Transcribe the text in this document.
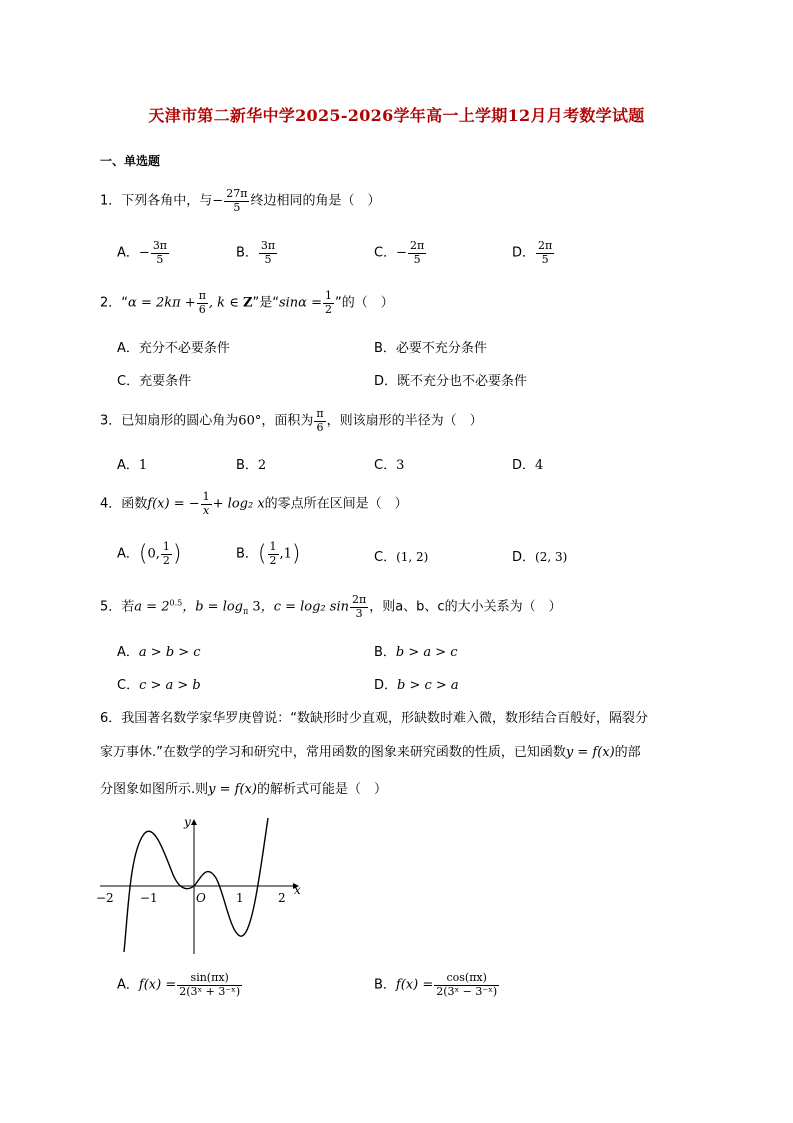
天津市第二新华中学2025-2026学年高一上学期12月月考数学试题
一、单选题
1．下列各角中，与− $\frac{27\pi}{5}$ 终边相同的角是（　）
A．− $\frac{3\pi}{5}$	B． $\frac{3\pi}{5}$	C．− $\frac{2\pi}{5}$	D． $\frac{2\pi}{5}$
2．“$\alpha = 2k\pi + \frac{\pi}{6}$ , k ∈ Z”是“$\sin\alpha = \frac{1}{2}$ ”的（　）
A．充分不必要条件	B．必要不充分条件
C．充要条件	D．既不充分也不必要条件
3．已知扇形的圆心角为60°，面积为 $\frac{\pi}{6}$ ，则该扇形的半径为（　）
A．1	B．2	C．3	D．4
4．函数f(x) = − $\frac{1}{x} + \log_2$ x的零点所在区间是（　）
A．(0, $\frac{1}{2}$ )	B．( $\frac{1}{2} ,1$)	C．(1, 2)	D．(2, 3)
5．若$a = 2^{0.5}$，$b = \log_\pi 3$，c = log₂ $\sin \frac{2\pi}{3}$ ，则a、b、c的大小关系为（　）
A．a > b > c	B．b > a > c
C．c > a > b	D．b > c > a
6．我国著名数学家华罗庚曾说：“数缺形时少直观，形缺数时难入微，数形结合百般好，隔裂分
家万事休.”在数学的学习和研究中，常用函数的图象来研究函数的性质，已知函数y = f(x)的部
分图象如图所示.则y = f(x)的解析式可能是（　）
x
y
O
−2 −1	1	2
A．$f(x) = \frac{\sin(\pi x)}{\text{2(3ˣ + 3⁻ˣ)}}$	B．$f(x) = \frac{\cos(\pi x)}{\text{2(3ˣ − 3⁻ˣ)}}$
